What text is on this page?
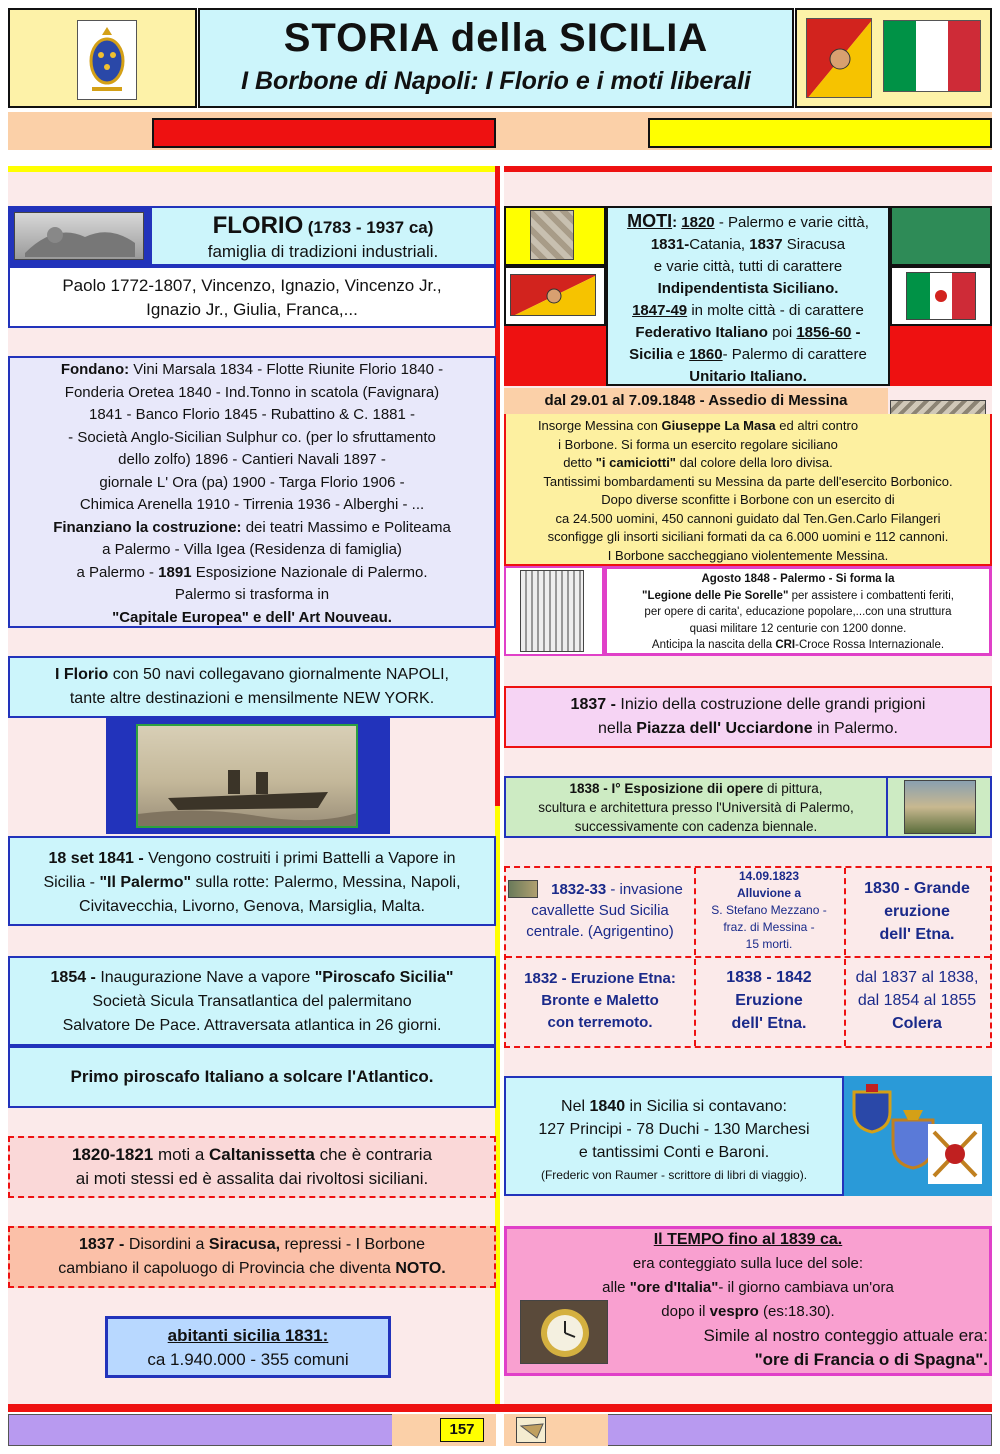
STORIA della SICILIA
I Borbone di Napoli: I Florio e i moti liberali
FLORIO (1783 - 1937 ca)
famiglia di tradizioni industriali.
Paolo 1772-1807, Vincenzo, Ignazio, Vincenzo Jr.,
Ignazio Jr., Giulia, Franca,...
Fondano: Vini Marsala 1834 - Flotte Riunite Florio 1840 -
Fonderia Oretea 1840 - Ind.Tonno in scatola (Favignara)
1841 - Banco Florio 1845 - Rubattino & C. 1881 -
- Società Anglo-Sicilian Sulphur co. (per lo sfruttamento
dello zolfo) 1896 - Cantieri Navali 1897 -
giornale L' Ora (pa) 1900 - Targa Florio 1906 -
Chimica Arenella 1910 - Tirrenia 1936 - Alberghi - ...
Finanziano la costruzione: dei teatri Massimo e Politeama
a Palermo - Villa Igea (Residenza di famiglia)
a Palermo - 1891 Esposizione Nazionale di Palermo.
Palermo si trasforma in
"Capitale Europea" e dell' Art Nouveau.
I Florio con 50 navi collegavano giornalmente NAPOLI,
tante altre destinazioni e mensilmente NEW YORK.
18 set 1841 - Vengono costruiti i primi Battelli a Vapore in
Sicilia - "Il Palermo" sulla rotte: Palermo, Messina, Napoli,
Civitavecchia, Livorno, Genova, Marsiglia, Malta.
1854 - Inaugurazione Nave a vapore "Piroscafo Sicilia"
Società Sicula Transatlantica del palermitano
Salvatore De Pace. Attraversata atlantica in 26 giorni.
Primo piroscafo Italiano a solcare l'Atlantico.
1820-1821 moti a Caltanissetta che è contraria
ai moti stessi ed è assalita dai rivoltosi siciliani.
1837 - Disordini a Siracusa, repressi - I Borbone
cambiano il capoluogo di Provincia che diventa NOTO.
abitanti sicilia 1831:
ca 1.940.000 - 355 comuni
MOTI: 1820 - Palermo e varie città,
1831-Catania, 1837 Siracusa
e varie città, tutti di carattere
Indipendentista Siciliano.
1847-49 in molte città - di carattere
Federativo Italiano poi 1856-60 -
Sicilia e 1860- Palermo di carattere
Unitario Italiano.
dal 29.01 al 7.09.1848 - Assedio di Messina
Insorge Messina con Giuseppe La Masa ed altri contro
i Borbone. Si forma un esercito regolare siciliano
detto "i camiciotti" dal colore della loro divisa.
Tantissimi bombardamenti su Messina da parte dell'esercito Borbonico.
Dopo diverse sconfitte i Borbone con un esercito di
ca 24.500 uomini, 450 cannoni guidato dal Ten.Gen.Carlo Filangeri
sconfigge gli insorti siciliani formati da ca 6.000 uomini e 112 cannoni.
I Borbone saccheggiano violentemente Messina.
Agosto 1848 - Palermo - Si forma la
"Legione delle Pie Sorelle" per assistere i combattenti feriti,
per opere di carita', educazione popolare,...con una struttura
quasi militare 12 centurie con 1200 donne.
Anticipa la nascita della CRI-Croce Rossa Internazionale.
1837 - Inizio della costruzione delle grandi prigioni
nella Piazza dell' Ucciardone in Palermo.
1838 - I° Esposizione dii opere di pittura,
scultura e architettura presso l'Università di Palermo,
successivamente con cadenza biennale.
1832-33 - invasione
cavallette Sud Sicilia
centrale. (Agrigentino)
14.09.1823
Alluvione a
S. Stefano Mezzano -
fraz. di Messina -
15 morti.
1830 - Grande
eruzione
dell' Etna.
1832 - Eruzione Etna:
Bronte e Maletto
con terremoto.
1838 - 1842
Eruzione
dell' Etna.
dal 1837 al 1838,
dal 1854 al 1855
Colera
Nel 1840 in Sicilia si contavano:
127 Principi - 78 Duchi - 130 Marchesi
e tantissimi Conti e Baroni.
(Frederic von Raumer - scrittore di libri di viaggio).
Il TEMPO fino al 1839 ca.
era conteggiato sulla luce del sole:
alle "ore d'Italia"- il giorno cambiava un'ora
dopo il vespro (es:18.30).
Simile al nostro conteggio attuale era:
"ore di Francia o di Spagna".
157
